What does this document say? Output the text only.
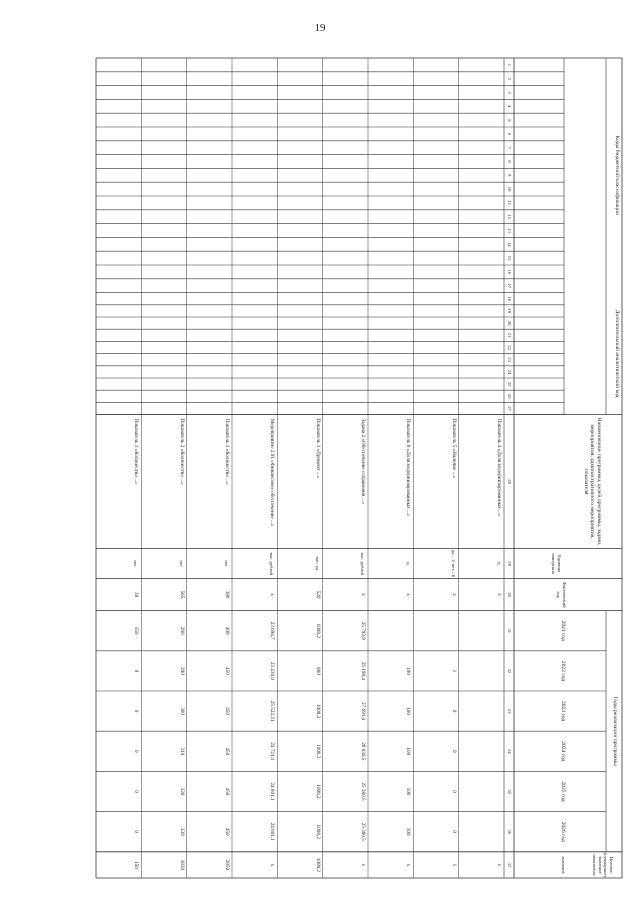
19
Коды бюджетной классификации
Дополнительный аналитический код
Наименование программы, целей программы, задачи, мероприятия, административного мероприятия, показателя
Единица измерения
Фактический год
Годы реализации программы
2021 год
2022 год
2023 год
2024 год
2025 год
2026 год
Целевое (суммарное) значение показателя
значение
1
2
3
4
5
6
7
8
9
10
11
12
13
14
15
16
17
18
19
20
21
22
23
24
25
26
27
28
29
30
31
32
33
34
35
36
37
Показатель 4 «Доля модернизированных ...»
%
х
х
Показатель 5 «Наличие ...»
да – 1/ нет – 0
х
1
0
0
0
0
1
Показатель 6 «Доля модернизированных ...»
%
х
100
100
100
100
100
х
Задача 2 «Обеспечение сохранения ...»
тыс. рублей
х
25 793,9
25 190,4
27 691,4
26 830,5
25 380,5
25 380,5
х
Показатель 1 «Процент ...»
тыс. ед.
520
1008,2
980
1008,2
1008,2
1008,2
1008,2
1008,2
Мероприятие 2.01 «Финансовое обеспечение ...»
тыс. рублей
х
23 694,7
23 430,0
25 522,31
24 721,1
24 801,1
24 801,1
х
Показатель 1 «Количество ...»
шт.
386
400
450
450
450
450
450
2850
Показатель 2 «Количество ...»
шт.
565
280
290
300
310
320
330
1830
Показатель 3 «Количество ...»
шт.
30
150
0
0
0
0
0
150
